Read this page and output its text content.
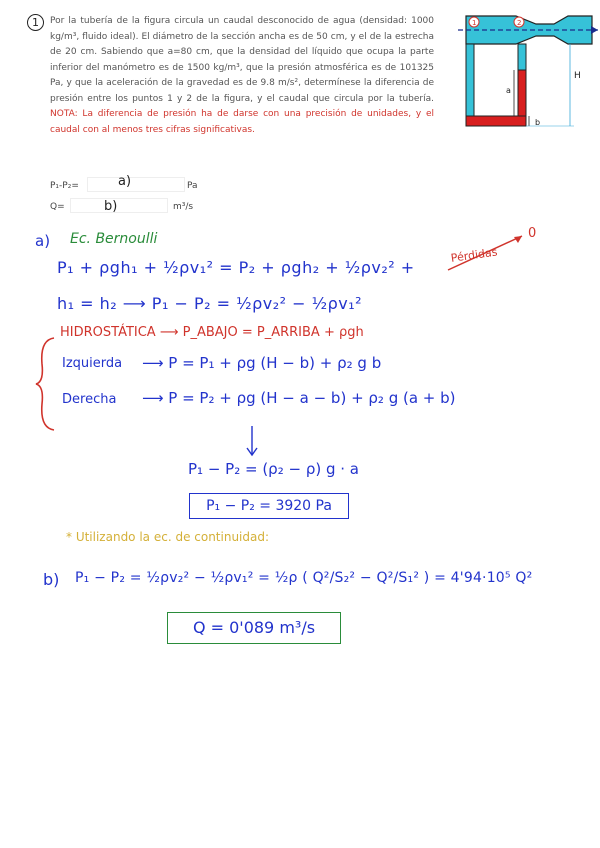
1	Por la tubería de la figura circula un caudal desconocido de agua (densidad: 1000 kg/m³, fluido ideal). El diámetro de la sección ancha es de 50 cm, y el de la estrecha de 20 cm. Sabiendo que a=80 cm, que la densidad del líquido que ocupa la parte inferior del manómetro es de 1500 kg/m³, que la presión atmosférica es de 101325 Pa, y que la aceleración de la gravedad es de 9.8 m/s², determínese la diferencia de presión entre los puntos 1 y 2 de la figura, y el caudal que circula por la tubería. NOTA: La diferencia de presión ha de darse con una precisión de unidades, y el caudal con al menos tres cifras significativas.
P₁-P₂=	a)	Pa
Q=	b)	m³/s
1	2
a
b
H
a) Ec. Bernoulli
P₁ + ρgh₁ + ½ρv₁² = P₂ + ρgh₂ + ½ρv₂² +
Pérdidas
0
h₁ = h₂ ⟶ P₁ − P₂ = ½ρv₂² − ½ρv₁²
HIDROSTÁTICA ⟶ P_ABAJO = P_ARRIBA + ρgh
Izquierda ⟶ P = P₁ + ρg (H − b) + ρ₂ g b
Derecha ⟶ P = P₂ + ρg (H − a − b) + ρ₂ g (a + b)
P₁ − P₂ = (ρ₂ − ρ) g · a
P₁ − P₂ = 3920 Pa
* Utilizando la ec. de continuidad:
b) P₁ − P₂ = ½ρv₂² − ½ρv₁² = ½ρ ( Q²/S₂² − Q²/S₁² ) = 4'94·10⁵ Q²
Q = 0'089 m³/s
